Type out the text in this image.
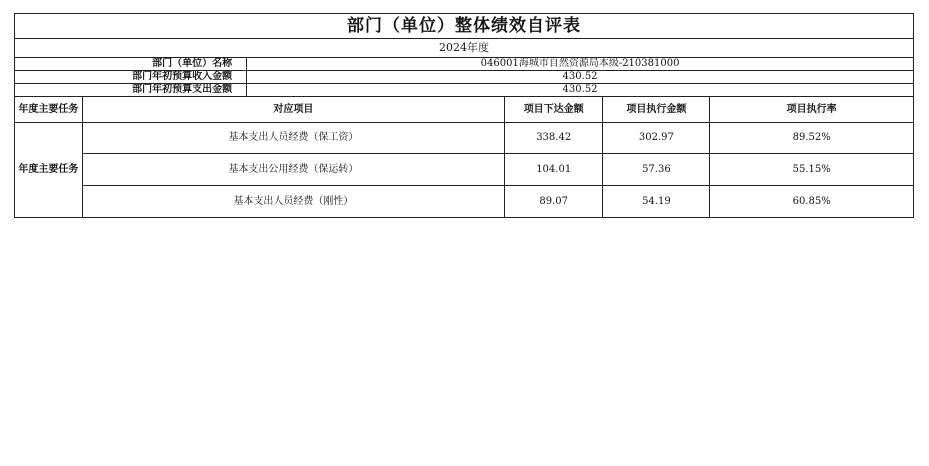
部门（单位）整体绩效自评表					
2024年度					
部门（单位）名称		046001海城市自然资源局本级-210381000			
部门年初预算收入金额		430.52			
部门年初预算支出金额		430.52			
年度主要任务	对应项目		项目下达金额	项目执行金额	项目执行率
年度主要任务	基本支出人员经费（保工资）		338.42	302.97	89.52%
	基本支出公用经费（保运转）		104.01	57.36	55.15%
	基本支出人员经费（刚性）		89.07	54.19	60.85%
